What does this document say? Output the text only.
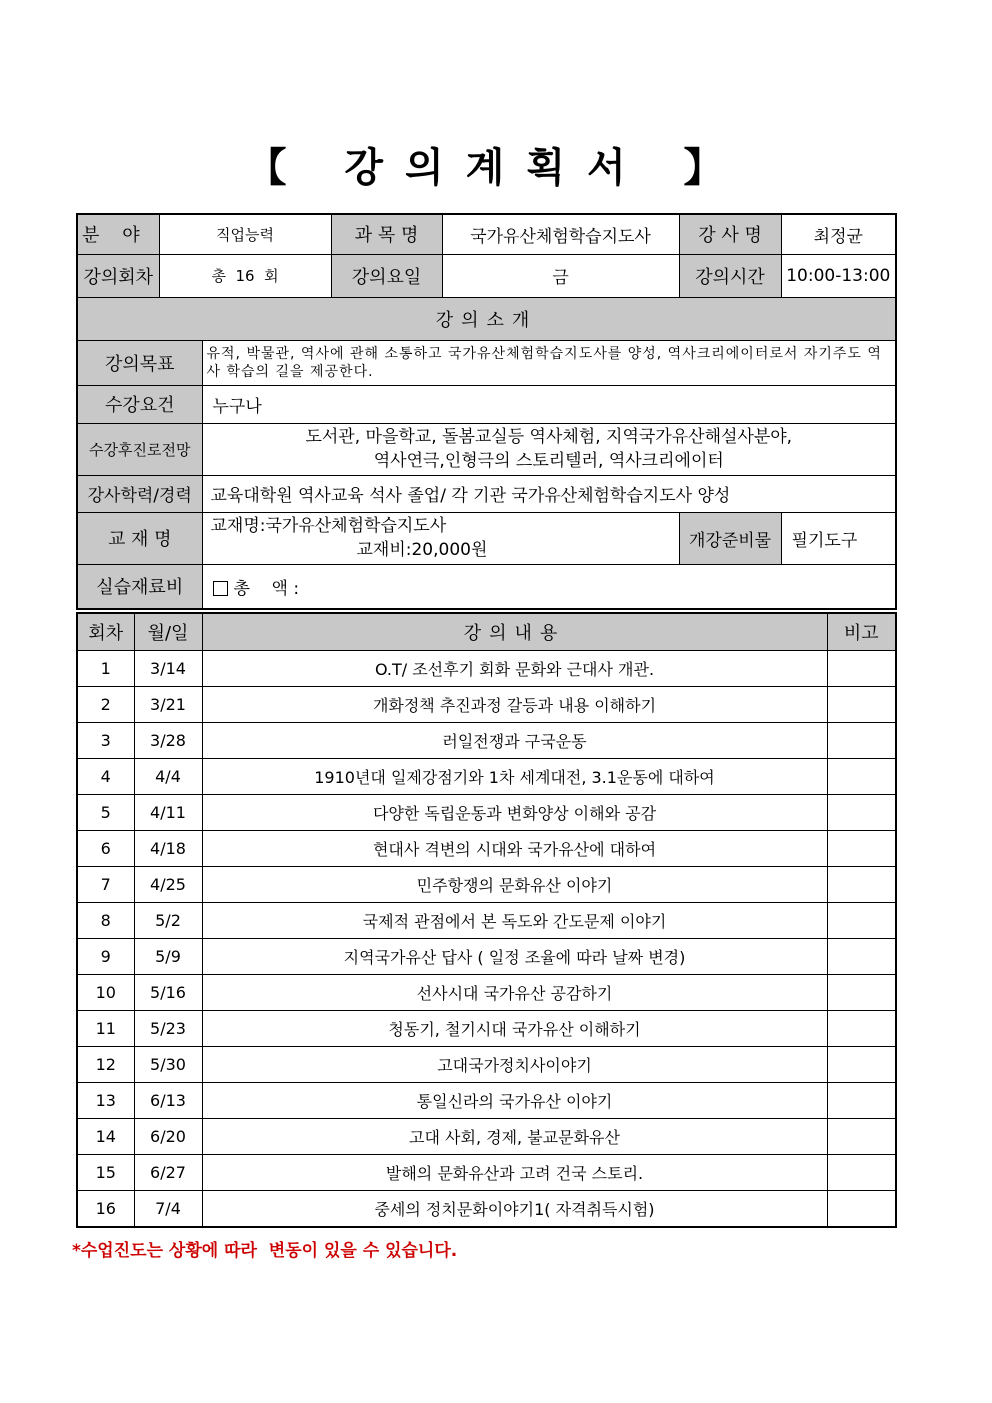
【 강의계획서 】
분    야	직업능력		과 목 명	국가유산체험학습지도사	강 사 명	최정균
강의회차	총  16  회		강의요일	금	강의시간	10:00-13:00
강의소개						
강의목표		유적, 박물관, 역사에 관해 소통하고 국가유산체험학습지도사를 양성, 역사크리에이터로서 자기주도 역사 학습의 길을 제공한다.				
수강요건		누구나				
수강후진로전망		도서관, 마을학교, 돌봄교실등 역사체험, 지역국가유산해설사분야,
역사연극,인형극의 스토리텔러, 역사크리에이터				

강사학력/경력		교육대학원 역사교육 석사 졸업/ 각 기관 국가유산체험학습지도사 양성				
교 재 명		교재명:국가유산체험학습지도사
교재비:20,000원			개강준비물	필기도구
실습재료비		총    액 :				
회차	월/일	강의내용	비고
1	3/14	O.T/ 조선후기 회화 문화와 근대사 개관.	
2	3/21	개화정책 추진과정 갈등과 내용 이해하기	
3	3/28	러일전쟁과 구국운동	
4	4/4	1910년대 일제강점기와 1차 세계대전, 3.1운동에 대하여	
5	4/11	다양한 독립운동과 변화양상 이해와 공감	
6	4/18	현대사 격변의 시대와 국가유산에 대하여	
7	4/25	민주항쟁의 문화유산 이야기	
8	5/2	국제적 관점에서 본 독도와 간도문제 이야기	
9	5/9	지역국가유산 답사 ( 일정 조율에 따라 날짜 변경)	
10	5/16	선사시대 국가유산 공감하기	
11	5/23	청동기, 철기시대 국가유산 이해하기	
12	5/30	고대국가정치사이야기	
13	6/13	통일신라의 국가유산 이야기	
14	6/20	고대 사회, 경제, 불교문화유산	
15	6/27	발해의 문화유산과 고려 건국 스토리.	
16	7/4	중세의 정치문화이야기1( 자격취득시험)	
*수업진도는 상황에 따라  변동이 있을 수 있습니다.
